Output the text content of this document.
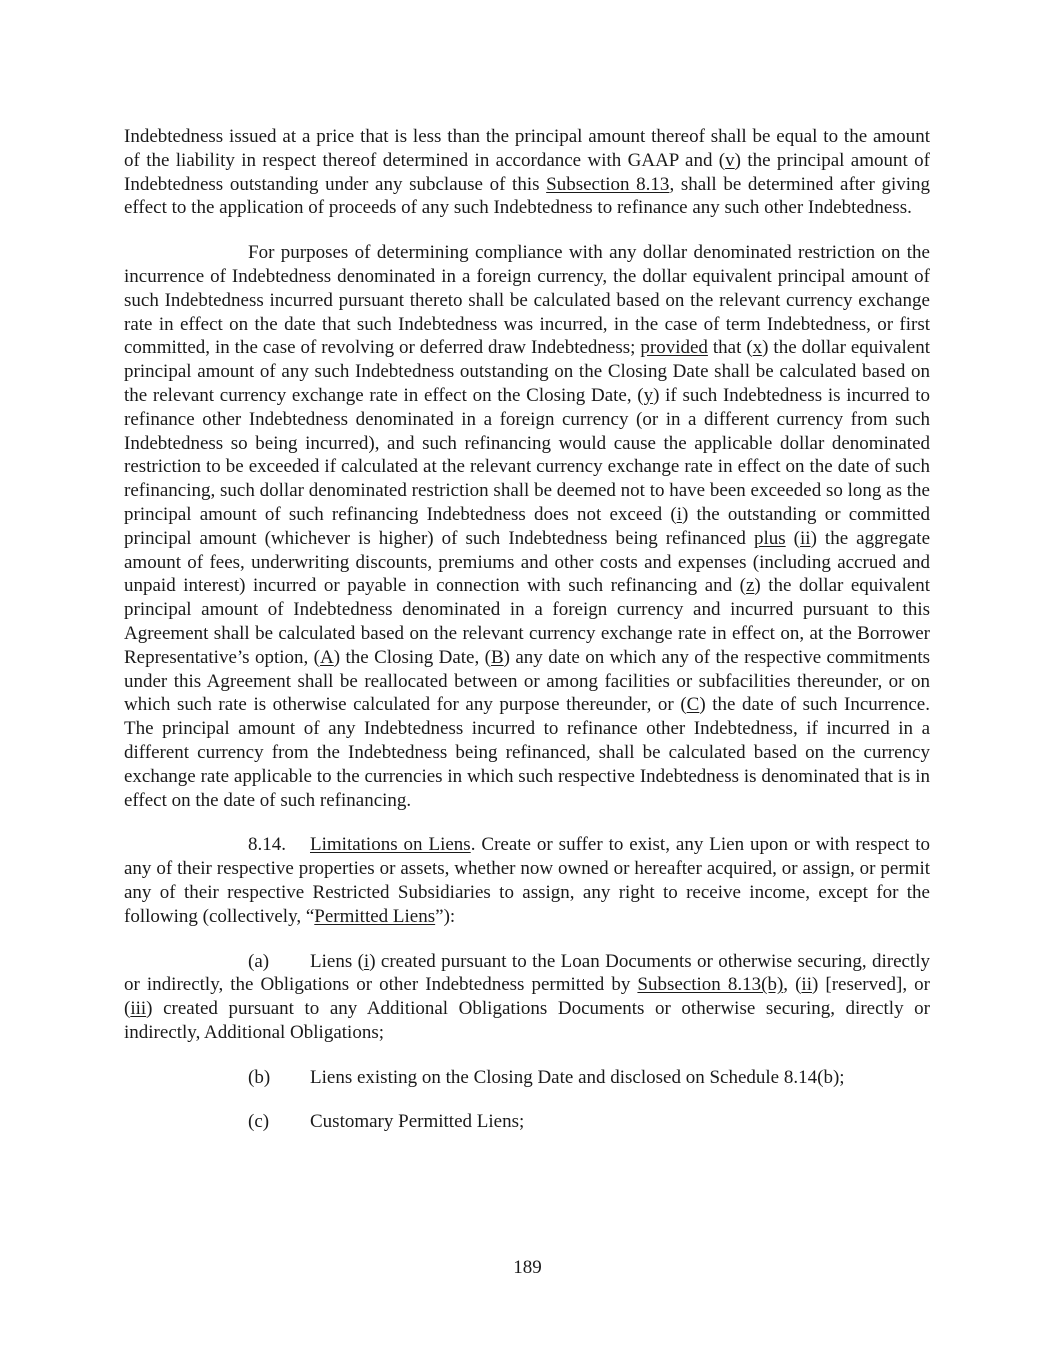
Indebtedness issued at a price that is less than the principal amount thereof shall be equal to the amount of the liability in respect thereof determined in accordance with GAAP and (v) the principal amount of Indebtedness outstanding under any subclause of this Subsection 8.13, shall be determined after giving effect to the application of proceeds of any such Indebtedness to refinance any such other Indebtedness.

For purposes of determining compliance with any dollar denominated restriction on the incurrence of Indebtedness denominated in a foreign currency, the dollar equivalent principal amount of such Indebtedness incurred pursuant thereto shall be calculated based on the relevant currency exchange rate in effect on the date that such Indebtedness was incurred, in the case of term Indebtedness, or first committed, in the case of revolving or deferred draw Indebtedness; provided that (x) the dollar equivalent principal amount of any such Indebtedness outstanding on the Closing Date shall be calculated based on the relevant currency exchange rate in effect on the Closing Date, (y) if such Indebtedness is incurred to refinance other Indebtedness denominated in a foreign currency (or in a different currency from such Indebtedness so being incurred), and such refinancing would cause the applicable dollar denominated restriction to be exceeded if calculated at the relevant currency exchange rate in effect on the date of such refinancing, such dollar denominated restriction shall be deemed not to have been exceeded so long as the principal amount of such refinancing Indebtedness does not exceed (i) the outstanding or committed principal amount (whichever is higher) of such Indebtedness being refinanced plus (ii) the aggregate amount of fees, underwriting discounts, premiums and other costs and expenses (including accrued and unpaid interest) incurred or payable in connection with such refinancing and (z) the dollar equivalent principal amount of Indebtedness denominated in a foreign currency and incurred pursuant to this Agreement shall be calculated based on the relevant currency exchange rate in effect on, at the Borrower Representative’s option, (A) the Closing Date, (B) any date on which any of the respective commitments under this Agreement shall be reallocated between or among facilities or subfacilities thereunder, or on which such rate is otherwise calculated for any purpose thereunder, or (C) the date of such Incurrence. The principal amount of any Indebtedness incurred to refinance other Indebtedness, if incurred in a different currency from the Indebtedness being refinanced, shall be calculated based on the currency exchange rate applicable to the currencies in which such respective Indebtedness is denominated that is in effect on the date of such refinancing.

8.14. Limitations on Liens. Create or suffer to exist, any Lien upon or with respect to any of their respective properties or assets, whether now owned or hereafter acquired, or assign, or permit any of their respective Restricted Subsidiaries to assign, any right to receive income, except for the following (collectively, “Permitted Liens”):

(a) Liens (i) created pursuant to the Loan Documents or otherwise securing, directly or indirectly, the Obligations or other Indebtedness permitted by Subsection 8.13(b), (ii) [reserved], or (iii) created pursuant to any Additional Obligations Documents or otherwise securing, directly or indirectly, Additional Obligations;

(b) Liens existing on the Closing Date and disclosed on Schedule 8.14(b);

(c) Customary Permitted Liens;

189
